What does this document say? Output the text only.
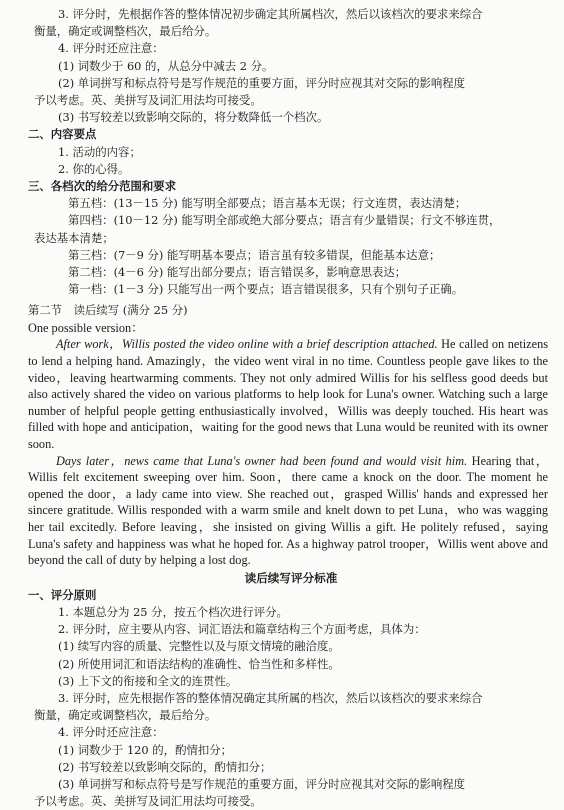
3. 评分时，先根据作答的整体情况初步确定其所属档次，然后以该档次的要求来综合
衡量，确定或调整档次，最后给分。
4. 评分时还应注意：
(1) 词数少于 60 的，从总分中减去 2 分。
(2) 单词拼写和标点符号是写作规范的重要方面，评分时应视其对交际的影响程度
予以考虑。英、美拼写及词汇用法均可接受。
(3) 书写较差以致影响交际的，将分数降低一个档次。
二、内容要点
1. 活动的内容；
2. 你的心得。
三、各档次的给分范围和要求
第五档：(13－15 分) 能写明全部要点；语言基本无误；行文连贯，表达清楚；
第四档：(10－12 分) 能写明全部或绝大部分要点；语言有少量错误；行文不够连贯，
表达基本清楚；
第三档：(7－9 分) 能写明基本要点；语言虽有较多错误，但能基本达意；
第二档：(4－6 分) 能写出部分要点；语言错误多，影响意思表达；
第一档：(1－3 分) 只能写出一两个要点；语言错误很多，只有个别句子正确。
第二节　读后续写 (满分 25 分)

One possible version：

After work，Willis posted the video online with a brief description attached. He called on netizens to lend a helping hand. Amazingly，the video went viral in no time. Countless people gave likes to the video，leaving heartwarming comments. They not only admired Willis for his selfless good deeds but also actively shared the video on various platforms to help look for Luna's owner. Watching such a large number of helpful people getting enthusiastically involved，Willis was deeply touched. His heart was filled with hope and anticipation，waiting for the good news that Luna would be reunited with its owner soon.

Days later，news came that Luna's owner had been found and would visit him. Hearing that，Willis felt excitement sweeping over him. Soon，there came a knock on the door. The moment he opened the door，a lady came into view. She reached out，grasped Willis' hands and expressed her sincere gratitude. Willis responded with a warm smile and knelt down to pet Luna，who was wagging her tail excitedly. Before leaving，she insisted on giving Willis a gift. He politely refused，saying Luna's safety and happiness was what he hoped for. As a highway patrol trooper，Willis went above and beyond the call of duty by helping a lost dog.

读后续写评分标准
一、评分原则
1. 本题总分为 25 分，按五个档次进行评分。
2. 评分时，应主要从内容、词汇语法和篇章结构三个方面考虑，具体为：
(1) 续写内容的质量、完整性以及与原文情境的融洽度。
(2) 所使用词汇和语法结构的准确性、恰当性和多样性。
(3) 上下文的衔接和全文的连贯性。
3. 评分时，应先根据作答的整体情况确定其所属的档次，然后以该档次的要求来综合
衡量，确定或调整档次，最后给分。
4. 评分时还应注意：
(1) 词数少于 120 的，酌情扣分；
(2) 书写较差以致影响交际的，酌情扣分；
(3) 单词拼写和标点符号是写作规范的重要方面，评分时应视其对交际的影响程度
予以考虑。英、美拼写及词汇用法均可接受。
